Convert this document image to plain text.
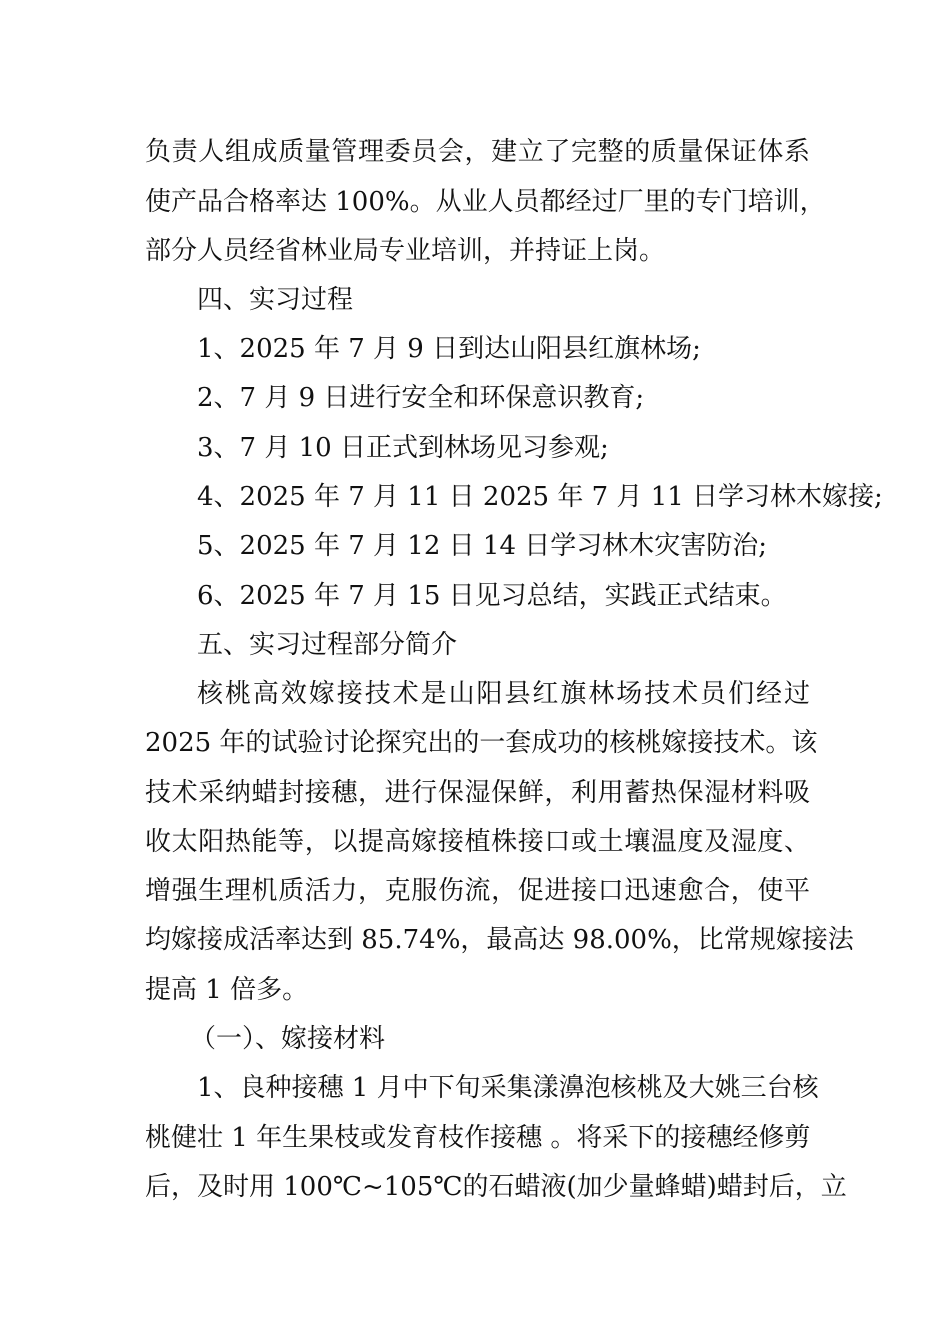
负责人组成质量管理委员会，建立了完整的质量保证体系
使产品合格率达 100%。从业人员都经过厂里的专门培训，
部分人员经省林业局专业培训，并持证上岗。
四、实习过程
1、2025 年 7 月 9 日到达山阳县红旗林场;
2、7 月 9 日进行安全和环保意识教育;
3、7 月 10 日正式到林场见习参观;
4、2025 年 7 月 11 日 2025 年 7 月 11 日学习林木嫁接;
5、2025 年 7 月 12 日 14 日学习林木灾害防治;
6、2025 年 7 月 15 日见习总结，实践正式结束。
五、实习过程部分简介
核桃高效嫁接技术是山阳县红旗林场技术员们经过
2025 年的试验讨论探究出的一套成功的核桃嫁接技术。该
技术采纳蜡封接穗，进行保湿保鲜，利用蓄热保湿材料吸
收太阳热能等，以提高嫁接植株接口或土壤温度及湿度、
增强生理机质活力，克服伤流，促进接口迅速愈合，使平
均嫁接成活率达到 85.74%，最高达 98.00%，比常规嫁接法
提高 1 倍多。
（一）、嫁接材料
1、良种接穗 1 月中下旬采集漾濞泡核桃及大姚三台核
桃健壮 1 年生果枝或发育枝作接穗 。将采下的接穗经修剪
后，及时用 100℃~105℃的石蜡液(加少量蜂蜡)蜡封后，立
